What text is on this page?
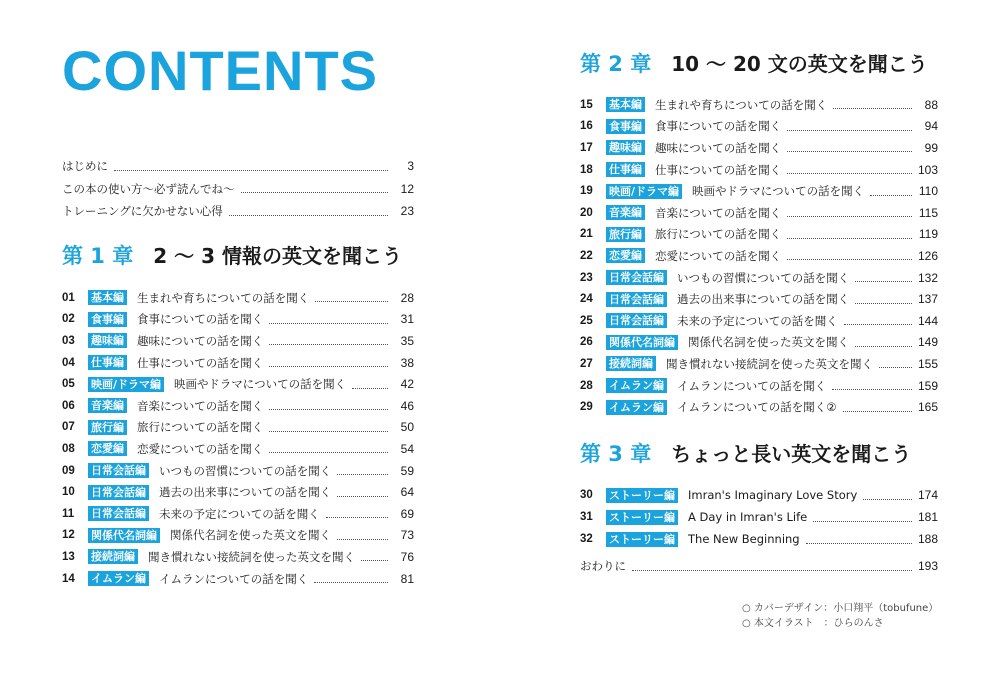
CONTENTS
はじめに	3
この本の使い方〜必ず読んでね〜	12
トレーニングに欠かせない心得	23
第 1 章 2 〜 3 情報の英文を聞こう
第 2 章 10 〜 20 文の英文を聞こう
第 3 章 ちょっと長い英文を聞こう
01	基本編 生まれや育ちについての話を聞く	28
02	食事編 食事についての話を聞く	31
03	趣味編 趣味についての話を聞く	35
04	仕事編 仕事についての話を聞く	38
05	映画/ドラマ編 映画やドラマについての話を聞く	42
06	音楽編 音楽についての話を聞く	46
07	旅行編 旅行についての話を聞く	50
08	恋愛編 恋愛についての話を聞く	54
09	日常会話編 いつもの習慣についての話を聞く	59
10	日常会話編 過去の出来事についての話を聞く	64
11	日常会話編 未来の予定についての話を聞く	69
12	関係代名詞編 関係代名詞を使った英文を聞く	73
13	接続詞編 聞き慣れない接続詞を使った英文を聞く	76
14	イムラン編 イムランについての話を聞く	81
15	基本編 生まれや育ちについての話を聞く	88
16	食事編 食事についての話を聞く	94
17	趣味編 趣味についての話を聞く	99
18	仕事編 仕事についての話を聞く	103
19	映画/ドラマ編 映画やドラマについての話を聞く	110
20	音楽編 音楽についての話を聞く	115
21	旅行編 旅行についての話を聞く	119
22	恋愛編 恋愛についての話を聞く	126
23	日常会話編 いつもの習慣についての話を聞く	132
24	日常会話編 過去の出来事についての話を聞く	137
25	日常会話編 未来の予定についての話を聞く	144
26	関係代名詞編 関係代名詞を使った英文を聞く	149
27	接続詞編 聞き慣れない接続詞を使った英文を聞く	155
28	イムラン編 イムランについての話を聞く	159
29	イムラン編 イムランについての話を聞く②	165
30	ストーリー編 Imran's Imaginary Love Story	174
31	ストーリー編 A Day in Imran's Life	181
32	ストーリー編 The New Beginning	188
おわりに	193
○ カバーデザイン：小口翔平（tobufune）
○ 本文イラスト　：ひらのんさ
